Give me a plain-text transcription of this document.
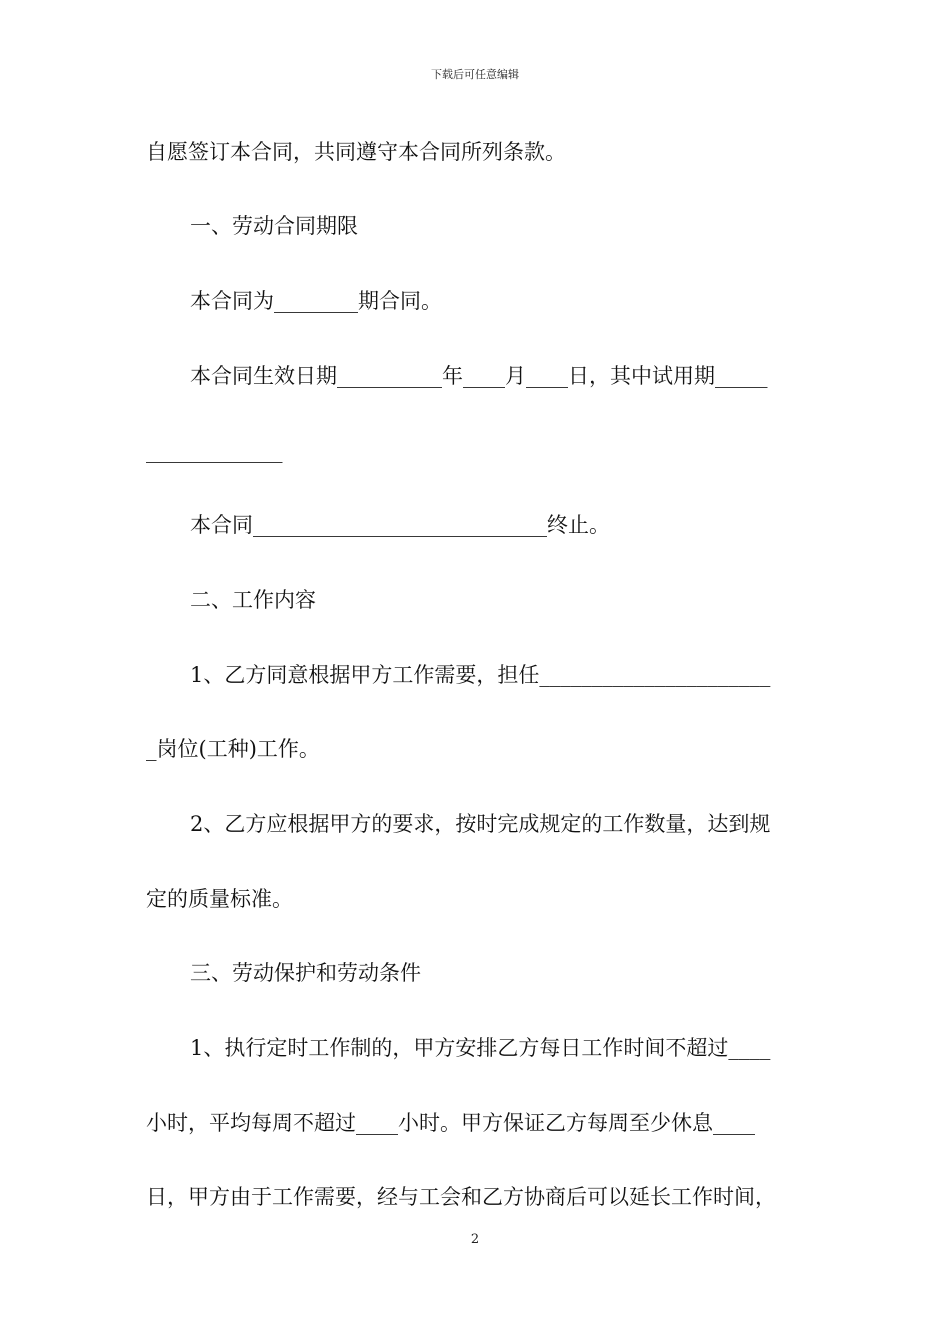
下载后可任意编辑
自愿签订本合同，共同遵守本合同所列条款。
一、劳动合同期限
本合同为________期合同。
本合同生效日期__________年____月____日，其中试用期_____
_____________
本合同____________________________终止。
二、工作内容
1、乙方同意根据甲方工作需要，担任______________________
_岗位(工种)工作。
2、乙方应根据甲方的要求，按时完成规定的工作数量，达到规
定的质量标准。
三、劳动保护和劳动条件
1、执行定时工作制的，甲方安排乙方每日工作时间不超过____
小时，平均每周不超过____小时。甲方保证乙方每周至少休息____
日，甲方由于工作需要，经与工会和乙方协商后可以延长工作时间，
2
